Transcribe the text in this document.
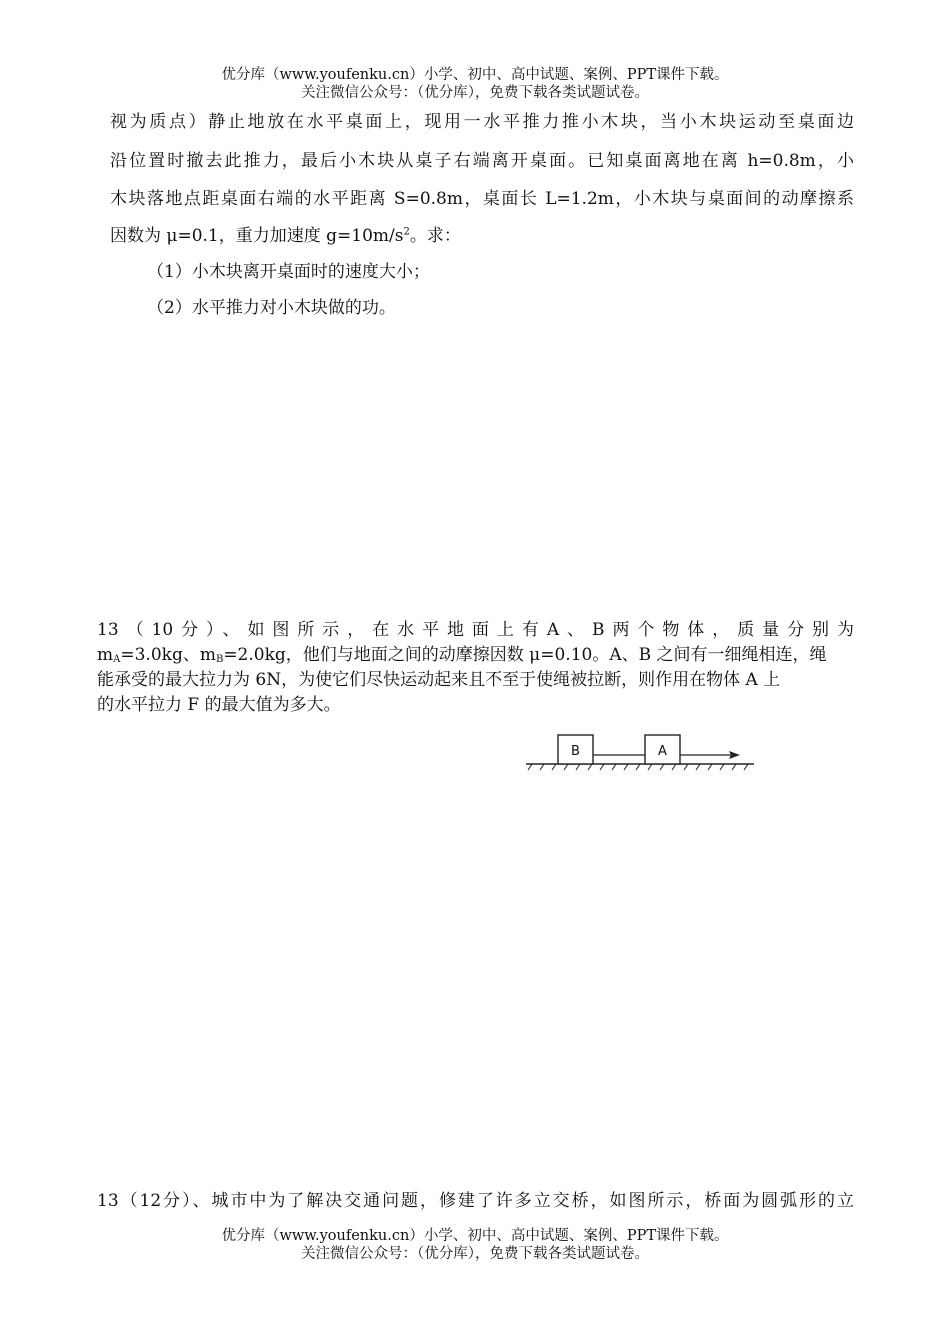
优分库（www.youfenku.cn）小学、初中、高中试题、案例、PPT课件下载。
关注微信公众号：（优分库），免费下载各类试题试卷。
视为质点）静止地放在水平桌面上，现用一水平推力推小木块，当小木块运动至桌面边
沿位置时撤去此推力，最后小木块从桌子右端离开桌面。已知桌面离地在离 h=0.8m，小
木块落地点距桌面右端的水平距离 S=0.8m，桌面长 L=1.2m，小木块与桌面间的动摩擦系
因数为 μ=0.1，重力加速度 $g=10m/s^2$。求：
（1）小木块离开桌面时的速度大小；
（2）水平推力对小木块做的功。
13（10分）、如图所示，在水平地面上有A、B两个物体，质量分别为
$m_A=3.0kg$、$m_B=2.0kg$，他们与地面之间的动摩擦因数 μ=0.10。A、B 之间有一细绳相连，绳
能承受的最大拉力为 6N，为使它们尽快运动起来且不至于使绳被拉断，则作用在物体 A 上
的水平拉力 F 的最大值为多大。
B	A
13（12分）、城市中为了解决交通问题，修建了许多立交桥，如图所示，桥面为圆弧形的立
优分库（www.youfenku.cn）小学、初中、高中试题、案例、PPT课件下载。
关注微信公众号：（优分库），免费下载各类试题试卷。
